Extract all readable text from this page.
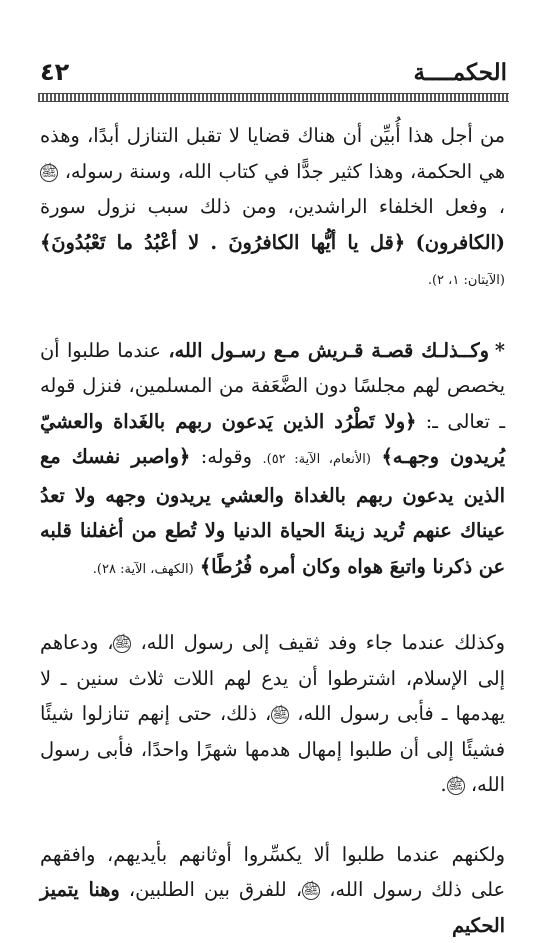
الحكمــــة
٤٢

من أجل هذا أُبيِّن أن هناك قضايا لا تقبل التنازل أبدًا، وهذه هي الحكمة، وهذا كثير جدًّا في كتاب الله، وسنة رسوله، ﷺ، وفعل الخلفاء الراشدين، ومن ذلك سبب نزول سورة (الكافرون) ﴿قل يا أيُّها الكافرُونَ . لا أعْبُدُ ما تَعْبُدُونَ﴾ (الآيتان: ١، ٢).

*وكــذلـك قصـة قـريش مـع رسـول الله، عندما طلبوا أن يخصص لهم مجلسًا دون الضَّعَفة من المسلمين، فنزل قوله ـ تعالى ـ: ﴿ولا تَطْرُد الذين يَدعون ربهم بالغَداة والعشيّ يُريدون وجهـه﴾ (الأنعام، الآية: ٥٢). وقوله: ﴿واصبر نفسك مع الذين يدعون ربهم بالغداة والعشي يريدون وجهه ولا تعدُ عيناك عنهم تُريد زينةَ الحياة الدنيا ولا تُطع من أغفلنا قلبه عن ذكرنا واتبعَ هواه وكان أمره فُرُطًا﴾ (الكهف، الآية: ٢٨).

وكذلك عندما جاء وفد ثقيف إلى رسول الله، ﷺ، ودعاهم إلى الإسلام، اشترطوا أن يدع لهم اللات ثلاث سنين ـ لا يهدمها ـ فأبى رسول الله، ﷺ، ذلك، حتى إنهم تنازلوا شيئًا فشيئًا إلى أن طلبوا إمهال هدمها شهرًا واحدًا، فأبى رسول الله، ﷺ.

ولكنهم عندما طلبوا ألا يكسِّروا أوثانهم بأيديهم، وافقهم على ذلك رسول الله، ﷺ، للفرق بين الطلبين، وهنا يتميز الحكيم
